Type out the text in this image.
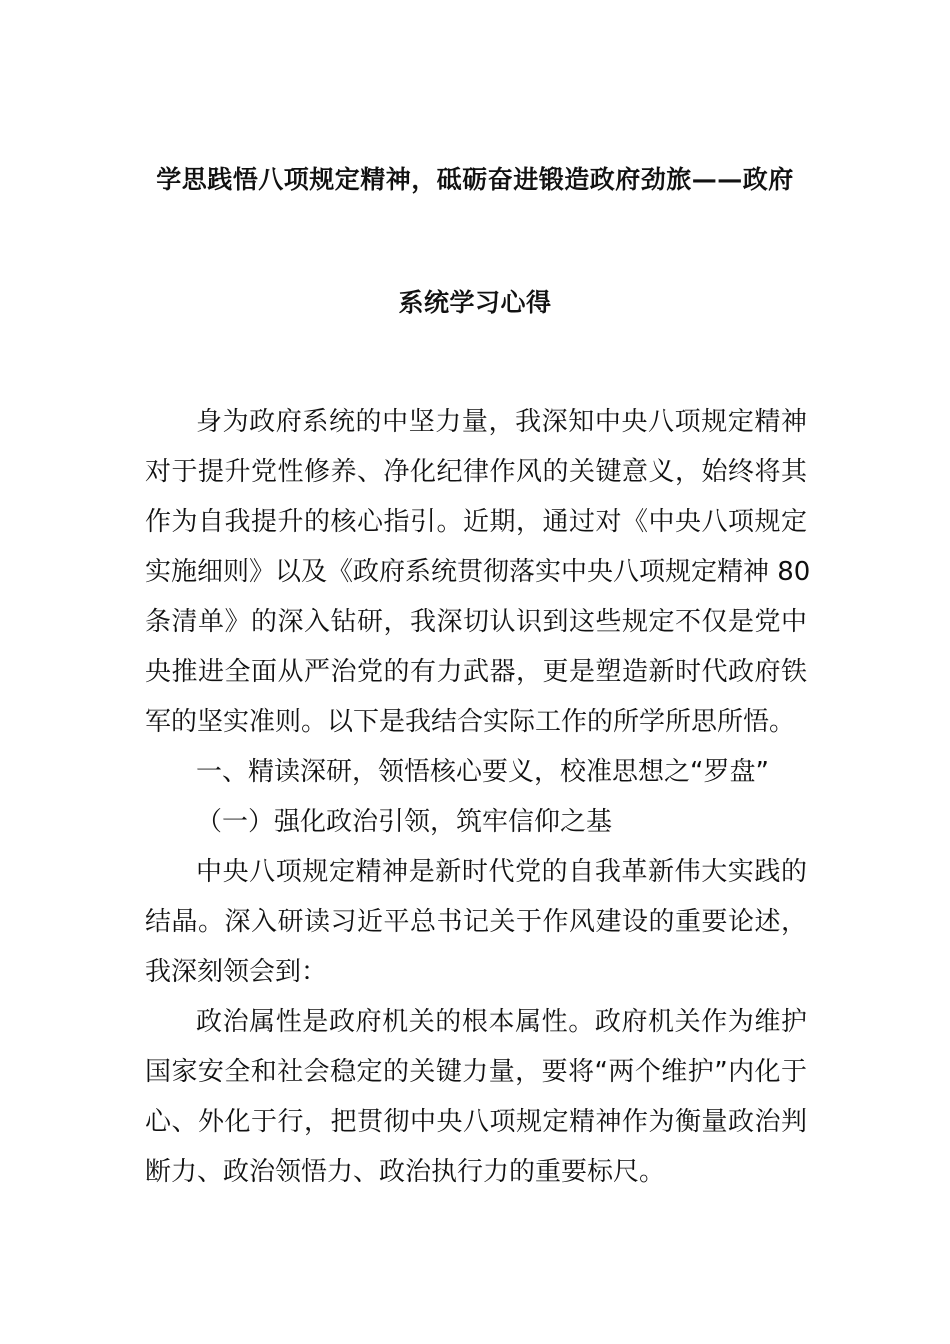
学思践悟八项规定精神，砥砺奋进锻造政府劲旅——政府
系统学习心得
身为政府系统的中坚力量，我深知中央八项规定精神
对于提升党性修养、净化纪律作风的关键意义，始终将其
作为自我提升的核心指引。近期，通过对《中央八项规定
实施细则》以及《政府系统贯彻落实中央八项规定精神 80
条清单》的深入钻研，我深切认识到这些规定不仅是党中
央推进全面从严治党的有力武器，更是塑造新时代政府铁
军的坚实准则。以下是我结合实际工作的所学所思所悟。
一、精读深研，领悟核心要义，校准思想之“罗盘”
（一）强化政治引领，筑牢信仰之基
中央八项规定精神是新时代党的自我革新伟大实践的
结晶。深入研读习近平总书记关于作风建设的重要论述，
我深刻领会到：
政治属性是政府机关的根本属性。政府机关作为维护
国家安全和社会稳定的关键力量，要将“两个维护”内化于
心、外化于行，把贯彻中央八项规定精神作为衡量政治判
断力、政治领悟力、政治执行力的重要标尺。
